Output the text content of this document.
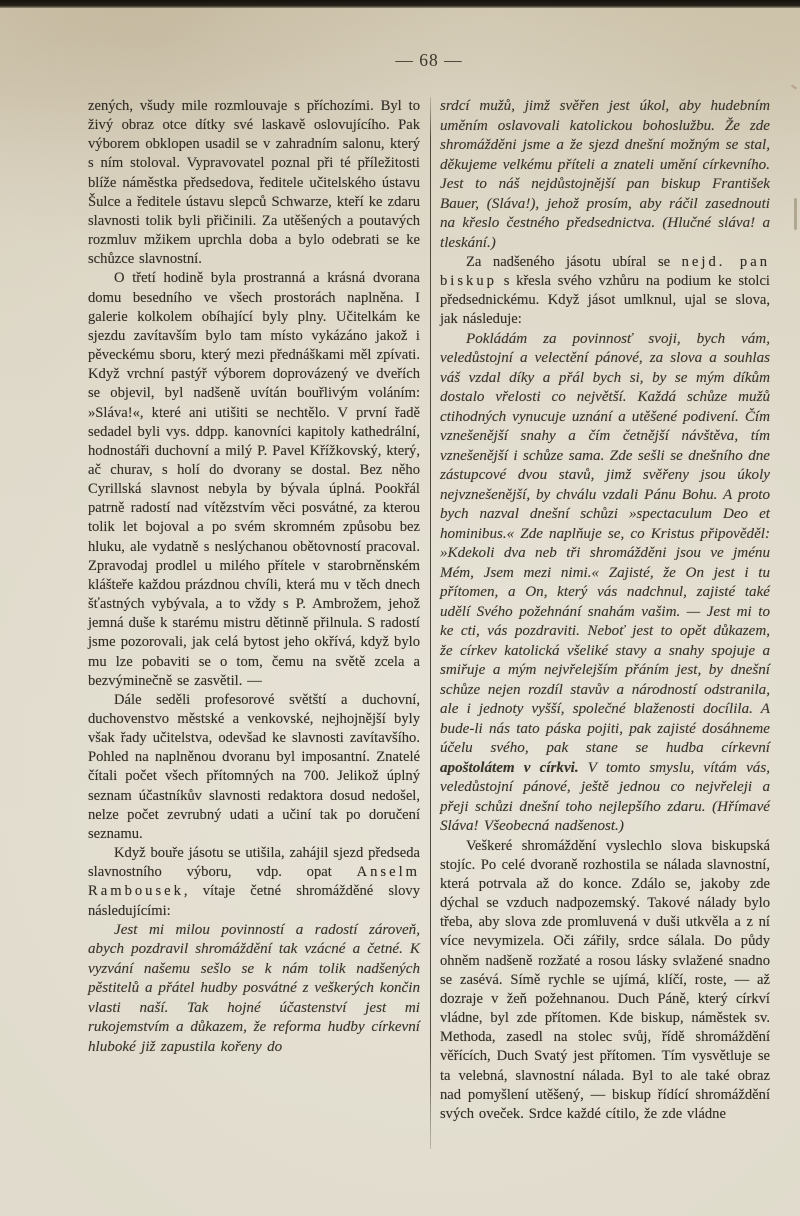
— 68 —

zených, všudy mile rozmlouvaje s příchozími. Byl to živý obraz otce dítky své laskavě oslovujícího. Pak výborem obklopen usadil se v zahradním salonu, který s ním stoloval. Vypravovatel poznal při té příležitosti blíže náměstka předsedova, ředitele učitelského ústavu Šulce a ředitele ústavu slepců Schwarze, kteří ke zdaru slavnosti tolik byli přičinili. Za utěšených a poutavých rozmluv mžikem uprchla doba a bylo odebrati se ke schůzce slavnostní.

O třetí hodině byla prostranná a krásná dvorana domu besedního ve všech prostorách naplněna. I galerie kolkolem obíhající byly plny. Učitelkám ke sjezdu zavítavším bylo tam místo vykázáno jakož i pěveckému sboru, který mezi přednáškami měl zpívati. Když vrchní pastýř výborem doprovázený ve dveřích se objevil, byl nadšeně uvítán bouřlivým voláním: »Sláva!«, které ani utišiti se nechtělo. V první řadě sedadel byli vys. ddpp. kanovníci kapitoly kathedrální, hodnostáři duchovní a milý P. Pavel Křížkovský, který, ač churav, s holí do dvorany se dostal. Bez něho Cyrillská slavnost nebyla by bývala úplná. Pookřál patrně radostí nad vítězstvím věci posvátné, za kterou tolik let bojoval a po svém skromném způsobu bez hluku, ale vydatně s neslýchanou obětovností pracoval. Zpravodaj prodlel u milého přítele v starobrněnském klášteře každou prázdnou chvíli, která mu v těch dnech šťastných vybývala, a to vždy s P. Ambrožem, jehož jemná duše k starému mistru dětinně přilnula. S radostí jsme pozorovali, jak celá bytost jeho okřívá, když bylo mu lze pobaviti se o tom, čemu na světě zcela a bezvýminečně se zasvětil. —

Dále seděli profesorové světští a duchovní, duchovenstvo městské a venkovské, nejhojnější byly však řady učitelstva, odevšad ke slavnosti zavítavšího. Pohled na naplněnou dvoranu byl imposantní. Znatelé čítali počet všech přítomných na 700. Jelikož úplný seznam účastníkův slavnosti redaktora dosud nedošel, nelze počet zevrubný udati a učiní tak po doručení seznamu.

Když bouře jásotu se utišila, zahájil sjezd předseda slavnostního výboru, vdp. opat Anselm Rambousek, vítaje četné shromážděné slovy následujícími:

Jest mi milou povinností a radostí zároveň, abych pozdravil shromáždění tak vzácné a četné. K vyzvání našemu sešlo se k nám tolik nadšených pěstitelů a přátel hudby posvátné z veškerých končin vlasti naší. Tak hojné účastenství jest mi rukojemstvím a důkazem, že reforma hudby církevní hluboké již zapustila kořeny do

srdcí mužů, jimž svěřen jest úkol, aby hudebním uměním oslavovali katolickou bohoslužbu. Že zde shromážděni jsme a že sjezd dnešní možným se stal, děkujeme velkému příteli a znateli umění církevního. Jest to náš nejdůstojnější pan biskup František Bauer, (Sláva!), jehož prosím, aby ráčil zasednouti na křeslo čestného předsednictva. (Hlučné sláva! a tleskání.)

Za nadšeného jásotu ubíral se nejd. pan biskup s křesla svého vzhůru na podium ke stolci předsednickému. Když jásot umlknul, ujal se slova, jak následuje:

Pokládám za povinnosť svoji, bych vám, veledůstojní a velectění pánové, za slova a souhlas váš vzdal díky a přál bych si, by se mým díkům dostalo vřelosti co největší. Každá schůze mužů ctihodných vynucuje uznání a utěšené podivení. Čím vznešenější snahy a čím četnější návštěva, tím vznešenější i schůze sama. Zde sešli se dnešního dne zástupcové dvou stavů, jimž svěřeny jsou úkoly nejvznešenější, by chválu vzdali Pánu Bohu. A proto bych nazval dnešní schůzi »spectaculum Deo et hominibus.« Zde naplňuje se, co Kristus připověděl: »Kdekoli dva neb tři shromážděni jsou ve jménu Mém, Jsem mezi nimi.« Zajisté, že On jest i tu přítomen, a On, který vás nadchnul, zajisté také udělí Svého požehnání snahám vašim. — Jest mi to ke cti, vás pozdraviti. Neboť jest to opět důkazem, že církev katolická všeliké stavy a snahy spojuje a smiřuje a mým nejvřelejším přáním jest, by dnešní schůze nejen rozdíl stavův a národností odstranila, ale i jednoty vyšší, společné blaženosti docílila. A bude-li nás tato páska pojiti, pak zajisté dosáhneme účelu svého, pak stane se hudba církevní apoštolátem v církvi. V tomto smyslu, vítám vás, veledůstojní pánové, ještě jednou co nejvřeleji a přeji schůzi dnešní toho nejlepšího zdaru. (Hřímavé Sláva! Všeobecná nadšenost.)

Veškeré shromáždění vyslechlo slova biskupská stojíc. Po celé dvoraně rozhostila se nálada slavnostní, která potrvala až do konce. Zdálo se, jakoby zde dýchal se vzduch nadpozemský. Takové nálady bylo třeba, aby slova zde promluvená v duši utkvěla a z ní více nevymizela. Oči zářily, srdce sálala. Do půdy ohněm nadšeně rozžaté a rosou lásky svlažené snadno se zasévá. Símě rychle se ujímá, klíčí, roste, — až dozraje v žeň požehnanou. Duch Páně, který církví vládne, byl zde přítomen. Kde biskup, náměstek sv. Methoda, zasedl na stolec svůj, řídě shromáždění věřících, Duch Svatý jest přítomen. Tím vysvětluje se ta velebná, slavnostní nálada. Byl to ale také obraz nad pomyšlení utěšený, — biskup řídící shromáždění svých oveček. Srdce každé cítilo, že zde vládne
